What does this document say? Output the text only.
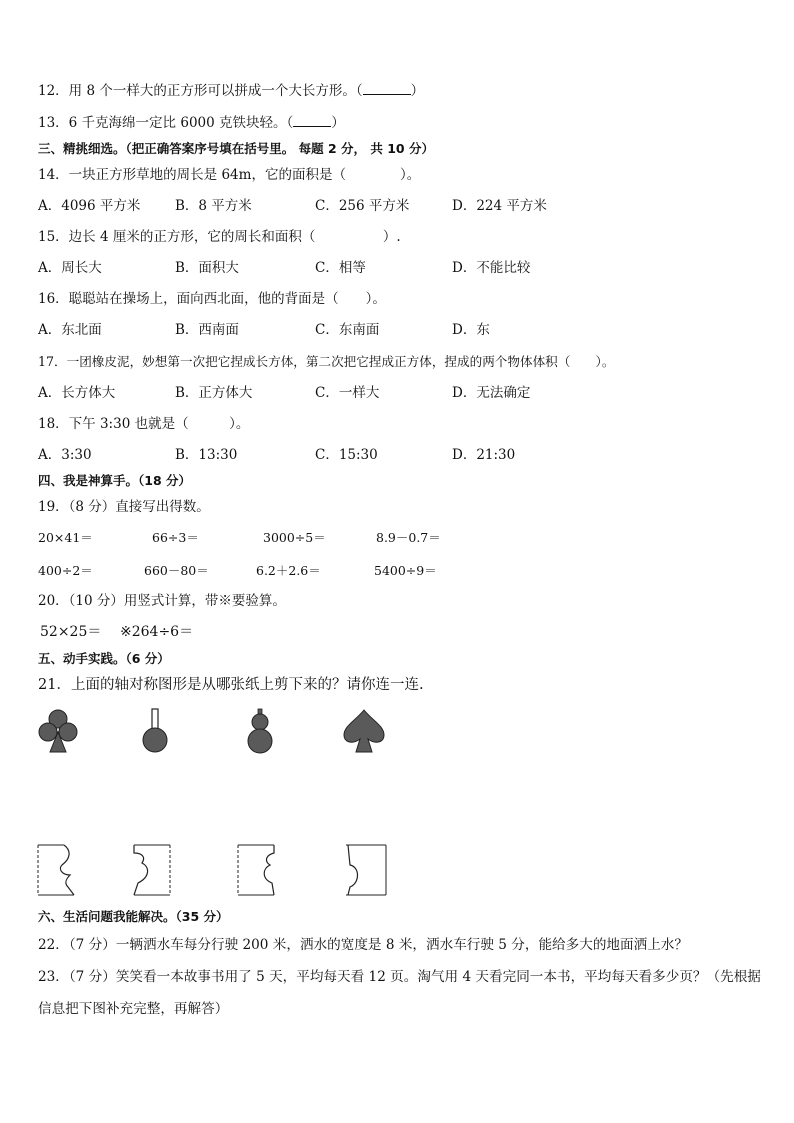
12．用 8 个一样大的正方形可以拼成一个大长方形。（	）
13．6 千克海绵一定比 6000 克铁块轻。（	）
三、精挑细选。（把正确答案序号填在括号里。 每题 2 分， 共 10 分）
14．一块正方形草地的周长是 64m，它的面积是（　　　　）。
A．4096 平方米	B．8 平方米	C．256 平方米	D．224 平方米
15．边长 4 厘米的正方形，它的周长和面积（　　　　　）.
A．周长大	B．面积大	C．相等	D．不能比较
16．聪聪站在操场上，面向西北面，他的背面是（　　）。
A．东北面	B．西南面	C．东南面	D．东
17．一团橡皮泥，妙想第一次把它捏成长方体，第二次把它捏成正方体，捏成的两个物体体积（　　）。
A．长方体大	B．正方体大	C．一样大	D．无法确定
18．下午 3:30 也就是（　　　）。
A．3:30	B．13:30	C．15:30	D．21:30
四、我是神算手。（18 分）
19．（8 分）直接写出得数。
20×41＝	66÷3＝	3000÷5＝	8.9－0.7＝
400÷2＝	660－80＝	6.2＋2.6＝	5400÷9＝
20．（10 分）用竖式计算，带※要验算。
52×25＝ ※264÷6＝
五、动手实践。（6 分）
21．上面的轴对称图形是从哪张纸上剪下来的？请你连一连.
六、生活问题我能解决。（35 分）
22．（7 分）一辆洒水车每分行驶 200 米，洒水的宽度是 8 米，洒水车行驶 5 分，能给多大的地面洒上水？
23．（7 分）笑笑看一本故事书用了 5 天，平均每天看 12 页。淘气用 4 天看完同一本书，平均每天看多少页？（先根据
信息把下图补充完整，再解答）
